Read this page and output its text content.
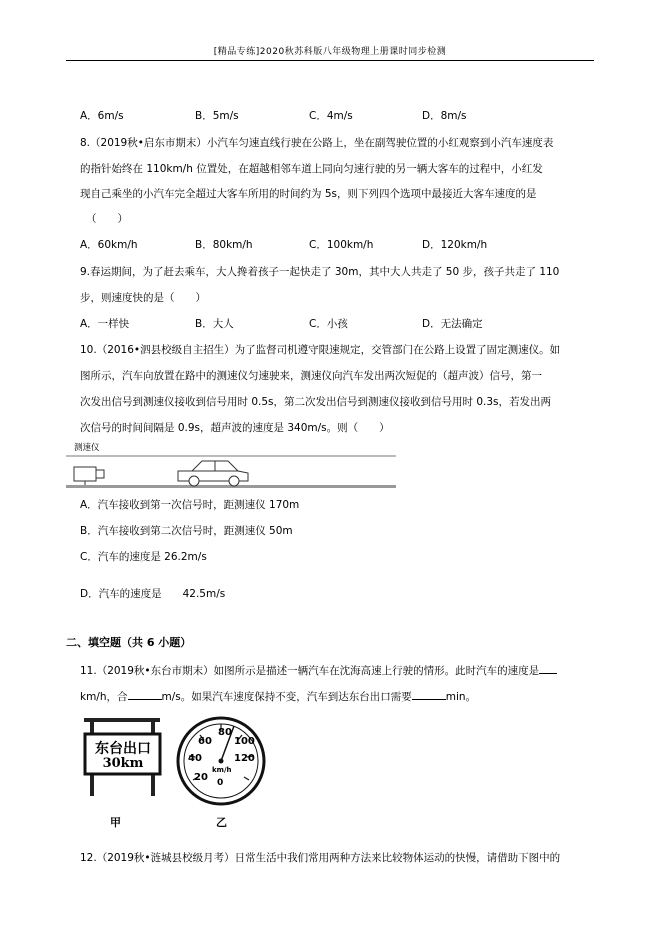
[精品专练]2020秋苏科版八年级物理上册课时同步检测
A．6m/s	B．5m/s	C．4m/s	D．8m/s
8.（2019秋•启东市期末）小汽车匀速直线行驶在公路上，坐在副驾驶位置的小红观察到小汽车速度表
的指针始终在 110km/h 位置处，在超越相邻车道上同向匀速行驶的另一辆大客车的过程中，小红发
现自己乘坐的小汽车完全超过大客车所用的时间约为 5s，则下列四个选项中最接近大客车速度的是
（　　）
A．60km/h	B．80km/h	C．100km/h	D．120km/h
9.春运期间，为了赶去乘车，大人搀着孩子一起快走了 30m，其中大人共走了 50 步，孩子共走了 110
步，则速度快的是（　　）
A．一样快	B．大人	C．小孩	D．无法确定
10.（2016•泗县校级自主招生）为了监督司机遵守限速规定，交管部门在公路上设置了固定测速仪。如
图所示，汽车向放置在路中的测速仪匀速驶来，测速仪向汽车发出两次短促的（超声波）信号，第一
次发出信号到测速仪接收到信号用时 0.5s，第二次发出信号到测速仪接收到信号用时 0.3s，若发出两
次信号的时间间隔是 0.9s，超声波的速度是 340m/s。则（　　）
测速仪
A．汽车接收到第一次信号时，距测速仪 170m
B．汽车接收到第二次信号时，距测速仪 50m
C．汽车的速度是 26.2m/s
D．汽车的速度是　　42.5m/s
二、填空题（共 6 小题）
11.（2019秋•东台市期末）如图所示是描述一辆汽车在沈海高速上行驶的情形。此时汽车的速度是
km/h，合	m/s。如果汽车速度保持不变，汽车到达东台出口需要	min。
东台出口
30km
20
40
60
80
100
120
km/h
0
甲	乙
12.（2019秋•涟城县校级月考）日常生活中我们常用两种方法来比较物体运动的快慢，请借助下图中的
